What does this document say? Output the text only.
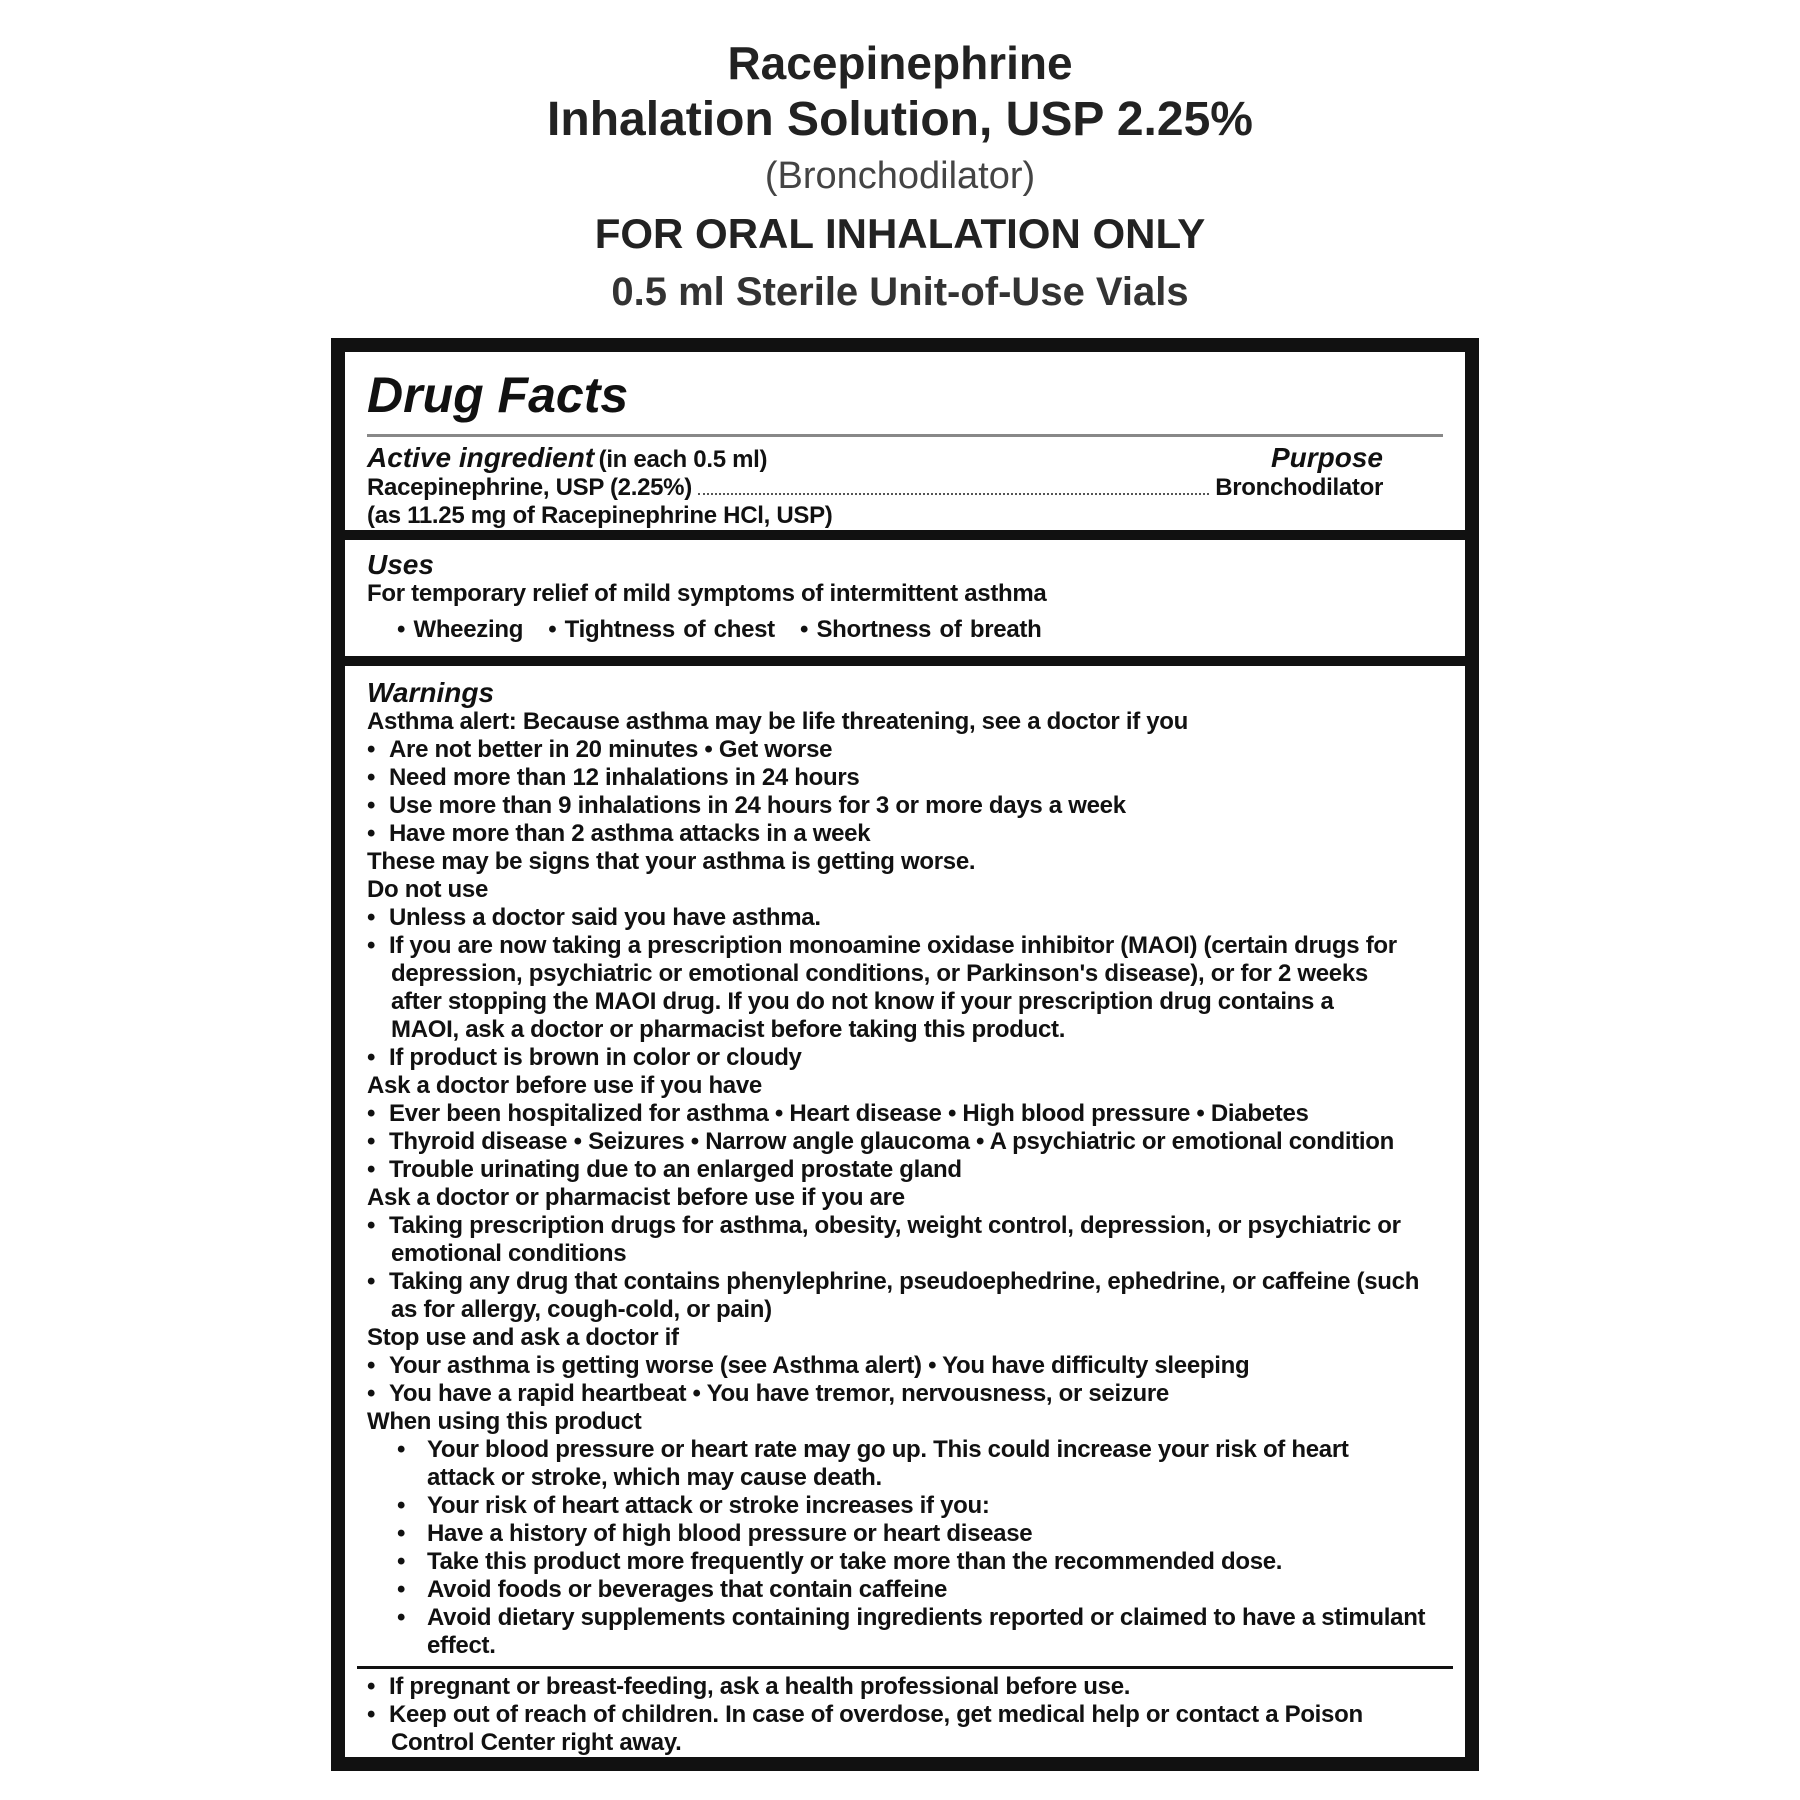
Racepinephrine
Inhalation Solution, USP 2.25%
(Bronchodilator)
FOR ORAL INHALATION ONLY
0.5 ml Sterile Unit-of-Use Vials
Drug Facts
Active ingredient (in each 0.5 ml)	Purpose
Racepinephrine, USP (2.25%)	Bronchodilator
(as 11.25 mg of Racepinephrine HCl, USP)
Uses
For temporary relief of mild symptoms of intermittent asthma
• Wheezing • Tightness of chest • Shortness of breath
Warnings
Asthma alert: Because asthma may be life threatening, see a doctor if you
• Are not better in 20 minutes • Get worse
• Need more than 12 inhalations in 24 hours
• Use more than 9 inhalations in 24 hours for 3 or more days a week
• Have more than 2 asthma attacks in a week
These may be signs that your asthma is getting worse.
Do not use
• Unless a doctor said you have asthma.
• If you are now taking a prescription monoamine oxidase inhibitor (MAOI) (certain drugs for
depression, psychiatric or emotional conditions, or Parkinson's disease), or for 2 weeks
after stopping the MAOI drug. If you do not know if your prescription drug contains a
MAOI, ask a doctor or pharmacist before taking this product.
• If product is brown in color or cloudy
Ask a doctor before use if you have
• Ever been hospitalized for asthma • Heart disease • High blood pressure • Diabetes
• Thyroid disease • Seizures • Narrow angle glaucoma • A psychiatric or emotional condition
• Trouble urinating due to an enlarged prostate gland
Ask a doctor or pharmacist before use if you are
• Taking prescription drugs for asthma, obesity, weight control, depression, or psychiatric or
emotional conditions
• Taking any drug that contains phenylephrine, pseudoephedrine, ephedrine, or caffeine (such
as for allergy, cough-cold, or pain)
Stop use and ask a doctor if
• Your asthma is getting worse (see Asthma alert) • You have difficulty sleeping
• You have a rapid heartbeat • You have tremor, nervousness, or seizure
When using this product
• Your blood pressure or heart rate may go up. This could increase your risk of heart
attack or stroke, which may cause death.
• Your risk of heart attack or stroke increases if you:
• Have a history of high blood pressure or heart disease
• Take this product more frequently or take more than the recommended dose.
• Avoid foods or beverages that contain caffeine
• Avoid dietary supplements containing ingredients reported or claimed to have a stimulant
effect.
• If pregnant or breast-feeding, ask a health professional before use.
• Keep out of reach of children. In case of overdose, get medical help or contact a Poison
Control Center right away.
